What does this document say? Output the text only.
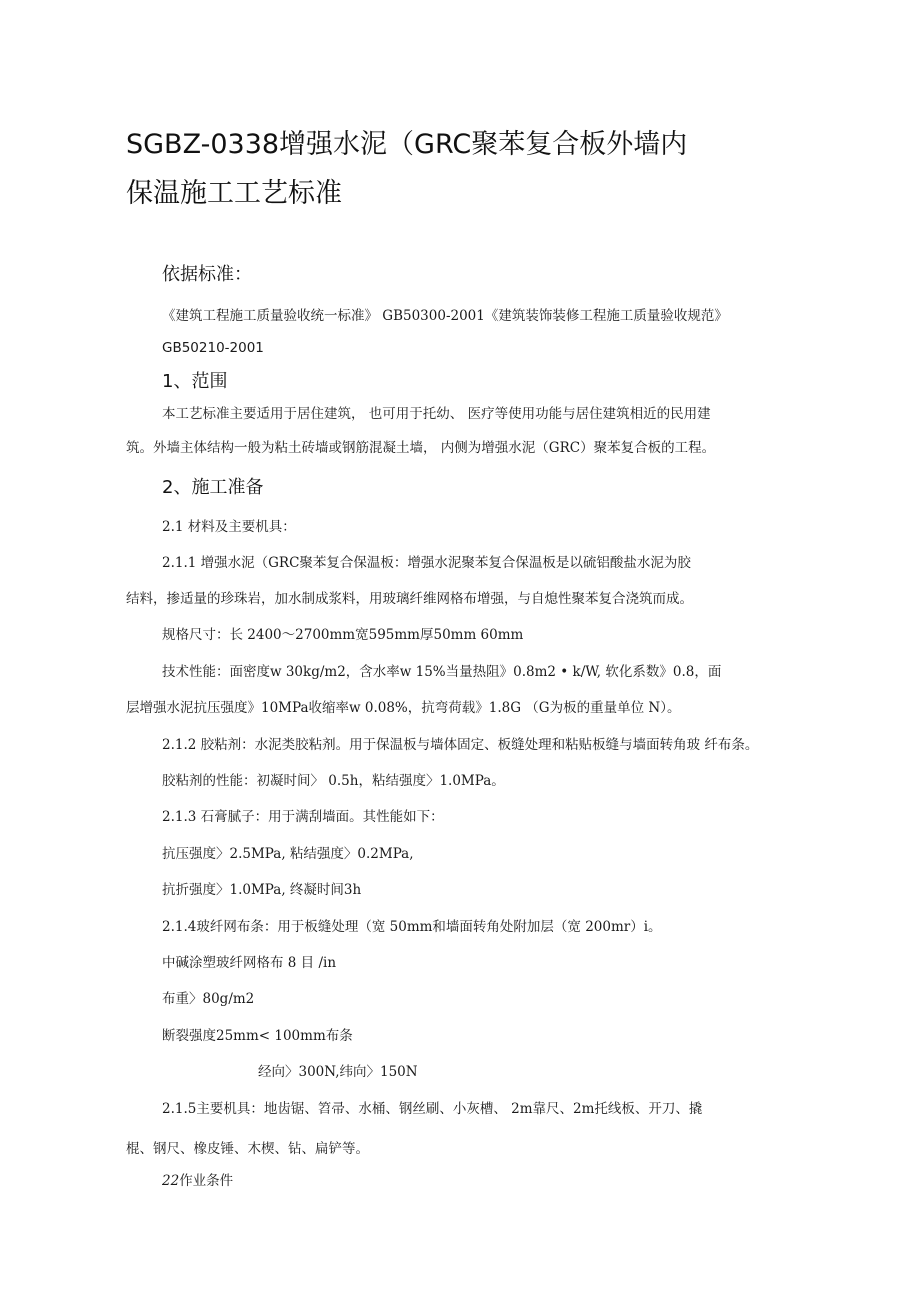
SGBZ-0338增强水泥（GRC聚苯复合板外墙内
保温施工工艺标准
依据标准：
《建筑工程施工质量验收统一标准》 GB50300-2001《建筑装饰装修工程施工质量验收规范》
GB50210-2001
1、范围
本工艺标准主要适用于居住建筑， 也可用于托幼、 医疗等使用功能与居住建筑相近的民用建
筑。外墙主体结构一般为粘土砖墙或钢筋混凝土墙， 内侧为增强水泥（GRC）聚苯复合板的工程。
2、施工准备
2.1 材料及主要机具：
2.1.1 增强水泥（GRC聚苯复合保温板：增强水泥聚苯复合保温板是以硫铝酸盐水泥为胶
结料，掺适量的珍珠岩，加水制成浆料，用玻璃纤维网格布增强，与自熄性聚苯复合浇筑而成。
规格尺寸：长 2400～2700mm宽595mm厚50mm 60mm
技术性能：面密度w 30kg/m2，含水率w 15%当量热阻》0.8m2 • k/W, 软化系数》0.8，面
层增强水泥抗压强度》10MPa收缩率w 0.08%，抗弯荷载》1.8G （G为板的重量单位 N）。
2.1.2 胶粘剂：水泥类胶粘剂。用于保温板与墙体固定、板缝处理和粘贴板缝与墙面转角玻 纤布条。
胶粘剂的性能：初凝时间〉 0.5h，粘结强度〉1.0MPa。
2.1.3 石膏腻子：用于满刮墙面。其性能如下：
抗压强度〉2.5MPa, 粘结强度〉0.2MPa,
抗折强度〉1.0MPa, 终凝时间3h
2.1.4玻纤网布条：用于板缝处理（宽 50mm和墙面转角处附加层（宽 200mr）i。
中碱涂塑玻纤网格布 8 目 /in
布重〉80g/m2
断裂强度25mm< 100mm布条
经向〉300N,纬向〉150N
2.1.5主要机具：地齿锯、笤帚、水桶、钢丝刷、小灰槽、 2m靠尺、2m托线板、开刀、撬
棍、钢尺、橡皮锤、木楔、钻、扁铲等。
22作业条件
